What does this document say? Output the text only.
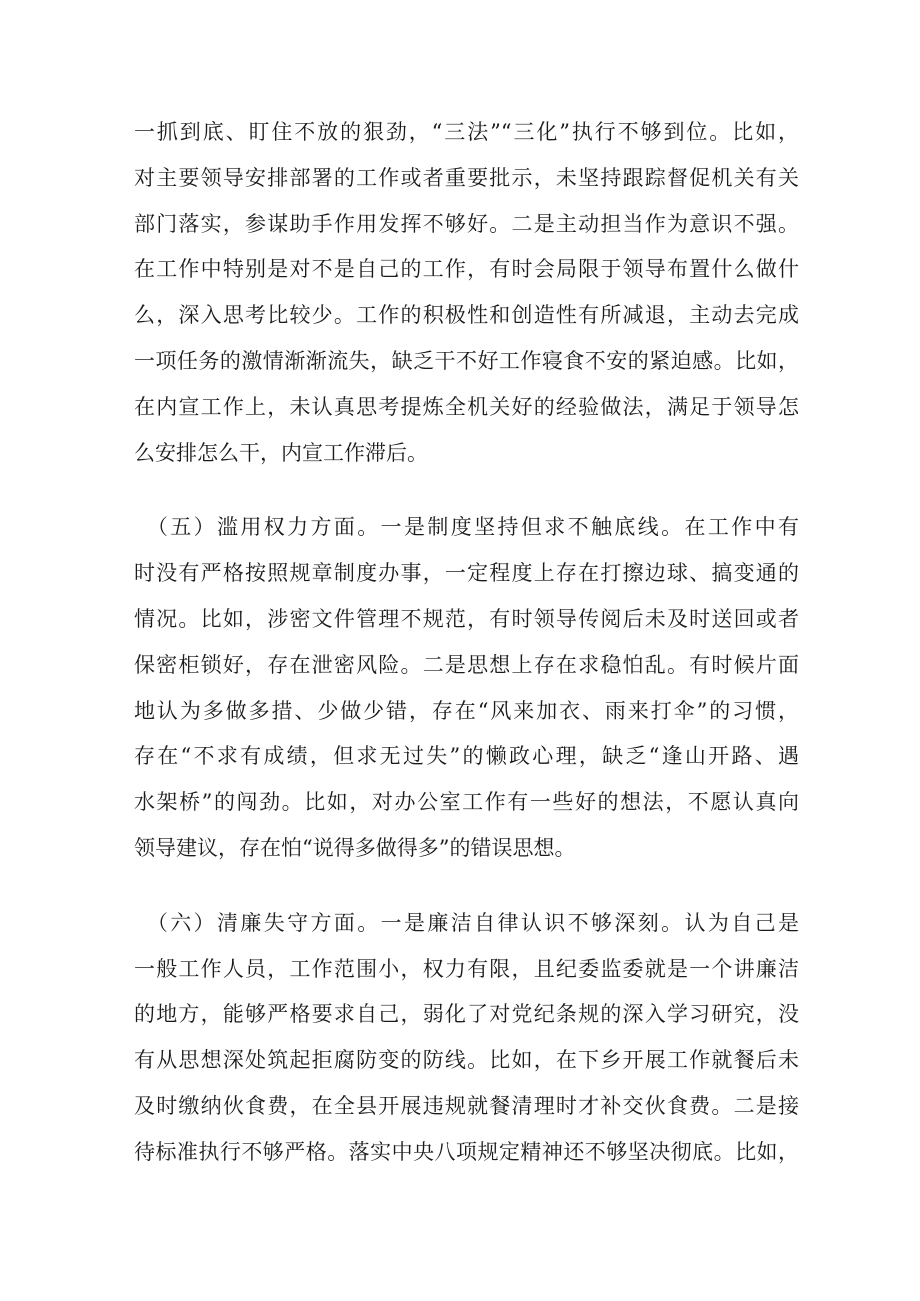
一抓到底、盯住不放的狠劲，“三法”“三化”执行不够到位。比如，
对主要领导安排部署的工作或者重要批示，未坚持跟踪督促机关有关
部门落实，参谋助手作用发挥不够好。二是主动担当作为意识不强。
在工作中特别是对不是自己的工作，有时会局限于领导布置什么做什
么，深入思考比较少。工作的积极性和创造性有所减退，主动去完成
一项任务的激情渐渐流失，缺乏干不好工作寝食不安的紧迫感。比如，
在内宣工作上，未认真思考提炼全机关好的经验做法，满足于领导怎
么安排怎么干，内宣工作滞后。
　（五）滥用权力方面。一是制度坚持但求不触底线。在工作中有
时没有严格按照规章制度办事，一定程度上存在打擦边球、搞变通的
情况。比如，涉密文件管理不规范，有时领导传阅后未及时送回或者
保密柜锁好，存在泄密风险。二是思想上存在求稳怕乱。有时候片面
地认为多做多措、少做少错，存在“风来加衣、雨来打伞”的习惯，
存在“不求有成绩，但求无过失”的懒政心理，缺乏“逢山开路、遇
水架桥”的闯劲。比如，对办公室工作有一些好的想法，不愿认真向
领导建议，存在怕“说得多做得多”的错误思想。
　（六）清廉失守方面。一是廉洁自律认识不够深刻。认为自己是
一般工作人员，工作范围小，权力有限，且纪委监委就是一个讲廉洁
的地方，能够严格要求自己，弱化了对党纪条规的深入学习研究，没
有从思想深处筑起拒腐防变的防线。比如，在下乡开展工作就餐后未
及时缴纳伙食费，在全县开展违规就餐清理时才补交伙食费。二是接
待标准执行不够严格。落实中央八项规定精神还不够坚决彻底。比如，
